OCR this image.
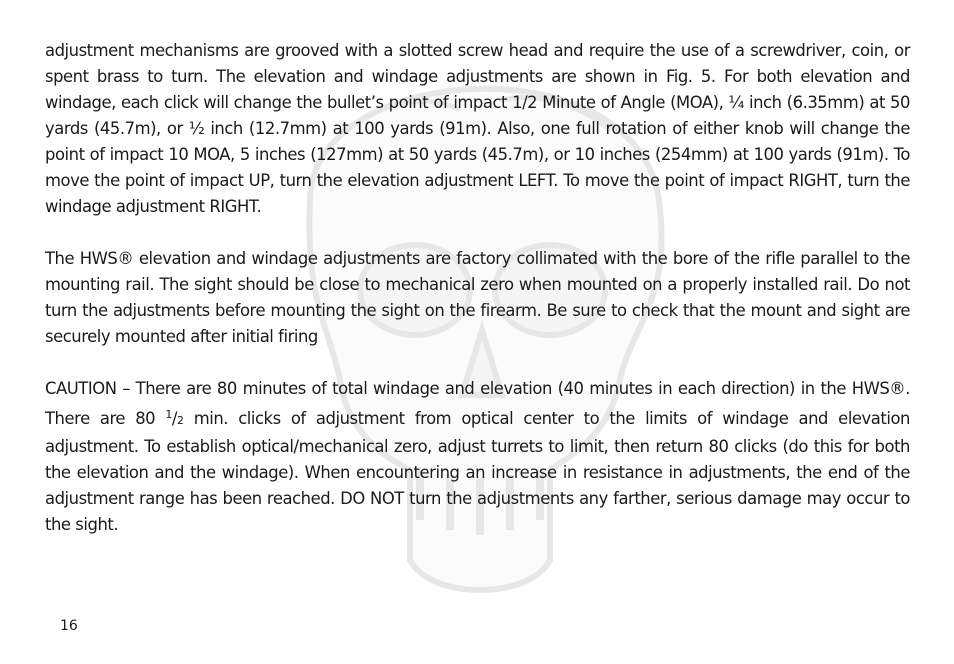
adjustment mechanisms are grooved with a slotted screw head and require the use of a screwdriver, coin, or spent brass to turn. The elevation and windage adjustments are shown in Fig. 5. For both elevation and windage, each click will change the bullet’s point of impact 1/2 Minute of Angle (MOA), ¼ inch (6.35mm) at 50 yards (45.7m), or ½ inch (12.7mm) at 100 yards (91m). Also, one full rotation of either knob will change the point of impact 10 MOA, 5 inches (127mm) at 50 yards (45.7m), or 10 inches (254mm) at 100 yards (91m). To move the point of impact UP, turn the elevation adjustment LEFT. To move the point of impact RIGHT, turn the windage adjustment RIGHT.

The HWS® elevation and windage adjustments are factory collimated with the bore of the rifle parallel to the mounting rail. The sight should be close to mechanical zero when mounted on a properly installed rail. Do not turn the adjustments before mounting the sight on the firearm. Be sure to check that the mount and sight are securely mounted after initial firing

CAUTION – There are 80 minutes of total windage and elevation (40 minutes in each direction) in the HWS®. There are 80 $^1$/2 min. clicks of adjustment from optical center to the limits of windage and elevation adjustment. To establish optical/mechanical zero, adjust turrets to limit, then return 80 clicks (do this for both the elevation and the windage). When encountering an increase in resistance in adjustments, the end of the adjustment range has been reached. DO NOT turn the adjustments any farther, serious damage may occur to the sight.

16
